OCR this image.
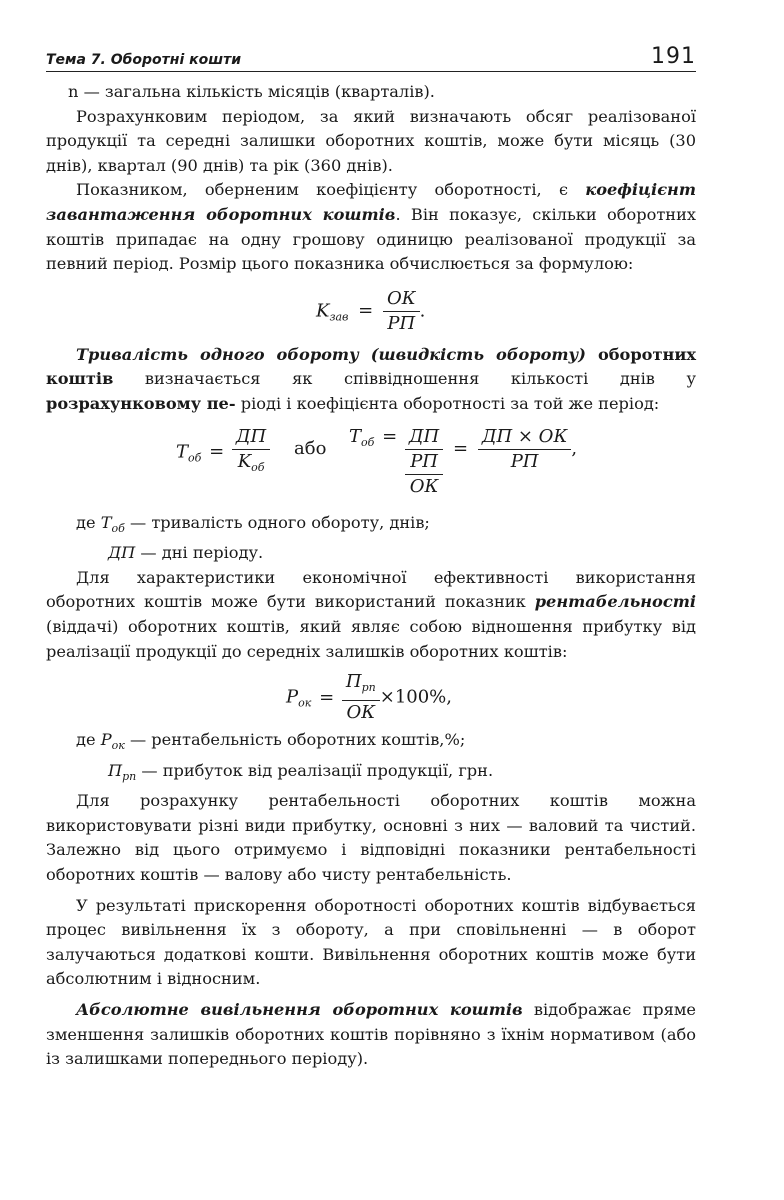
Тема 7. Оборотні кошти	191

n — загальна кількість місяців (кварталів).

Розрахунковим періодом, за який визначають обсяг реалізованої продукції та середні залишки оборотних коштів, може бути місяць (30 днів), квартал (90 днів) та рік (360 днів).

Показником, оберненим коефіцієнту оборотності, є коефіцієнт завантаження оборотних коштів. Він показує, скільки оборотних коштів припадає на одну грошову одиницю реалізованої продукції за певний період. Розмір цього показника обчислюється за формулою:

$K_{зав} = \frac{ОК}{РП}$ .

Тривалість одного обороту (швидкість обороту) оборотних коштів визначається як співвідношення кількості днів у розрахунковому пе- ріоді і коефіцієнта оборотності за той же період:

$T_{об} = \frac{ДП}{K_{об}}$ або
$T_{об}$ = ДП
РП
ОК = $\frac{ДП \times ОК}{РП}$ ,
де $T_{об}$ — тривалість одного обороту, днів;
ДП — дні періоду.

Для характеристики економічної ефективності використання оборотних коштів може бути використаний показник рентабельності (віддачі) оборотних коштів, який являє собою відношення прибутку від реалізації продукції до середніх залишків оборотних коштів:

$P_{ок} = \frac{П_{рп}}{ОК} \times 100\%$,
де $P_{ок}$ — рентабельність оборотних коштів,%;
$П_{рп}$ — прибуток від реалізації продукції, грн.

Для розрахунку рентабельності оборотних коштів можна використовувати різні види прибутку, основні з них — валовий та чистий. Залежно від цього отримуємо і відповідні показники рентабельності оборотних коштів — валову або чисту рентабельність.

У результаті прискорення оборотності оборотних коштів відбувається процес вивільнення їх з обороту, а при сповільненні — в оборот залучаються додаткові кошти. Вивільнення оборотних коштів може бути абсолютним і відносним.

Абсолютне вивільнення оборотних коштів відображає пряме зменшення залишків оборотних коштів порівняно з їхнім нормативом (або із залишками попереднього періоду).
